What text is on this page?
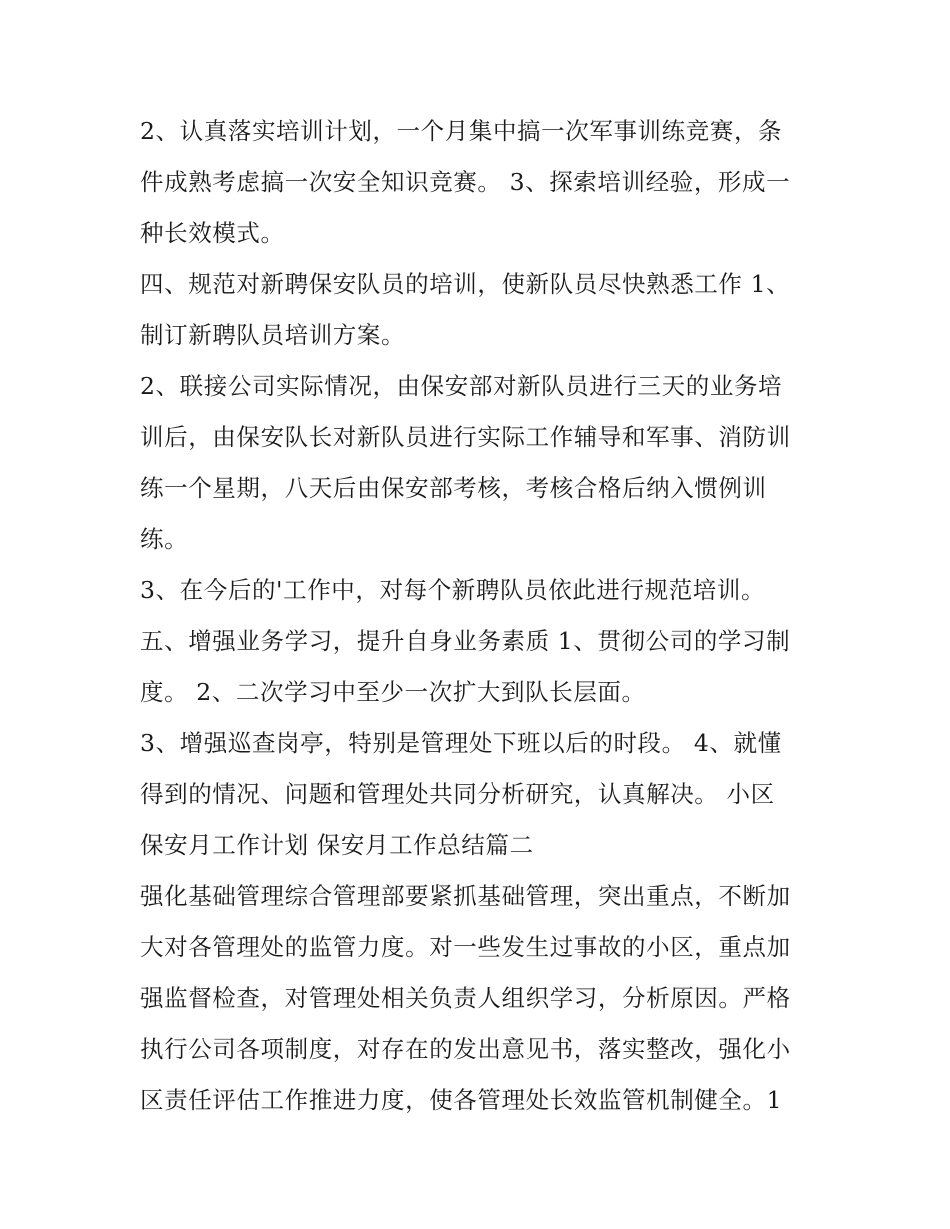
2、认真落实培训计划，一个月集中搞一次军事训练竞赛，条
件成熟考虑搞一次安全知识竞赛。 3、探索培训经验，形成一
种长效模式。
四、规范对新聘保安队员的培训，使新队员尽快熟悉工作 1、
制订新聘队员培训方案。
2、联接公司实际情况，由保安部对新队员进行三天的业务培
训后，由保安队长对新队员进行实际工作辅导和军事、消防训
练一个星期，八天后由保安部考核，考核合格后纳入惯例训
练。
3、在今后的'工作中，对每个新聘队员依此进行规范培训。
五、增强业务学习，提升自身业务素质 1、贯彻公司的学习制
度。 2、二次学习中至少一次扩大到队长层面。
3、增强巡查岗亭，特别是管理处下班以后的时段。 4、就懂
得到的情况、问题和管理处共同分析研究，认真解决。 小区
保安月工作计划 保安月工作总结篇二
强化基础管理综合管理部要紧抓基础管理，突出重点，不断加
大对各管理处的监管力度。对一些发生过事故的小区，重点加
强监督检查，对管理处相关负责人组织学习，分析原因。严格
执行公司各项制度，对存在的发出意见书，落实整改，强化小
区责任评估工作推进力度，使各管理处长效监管机制健全。1
